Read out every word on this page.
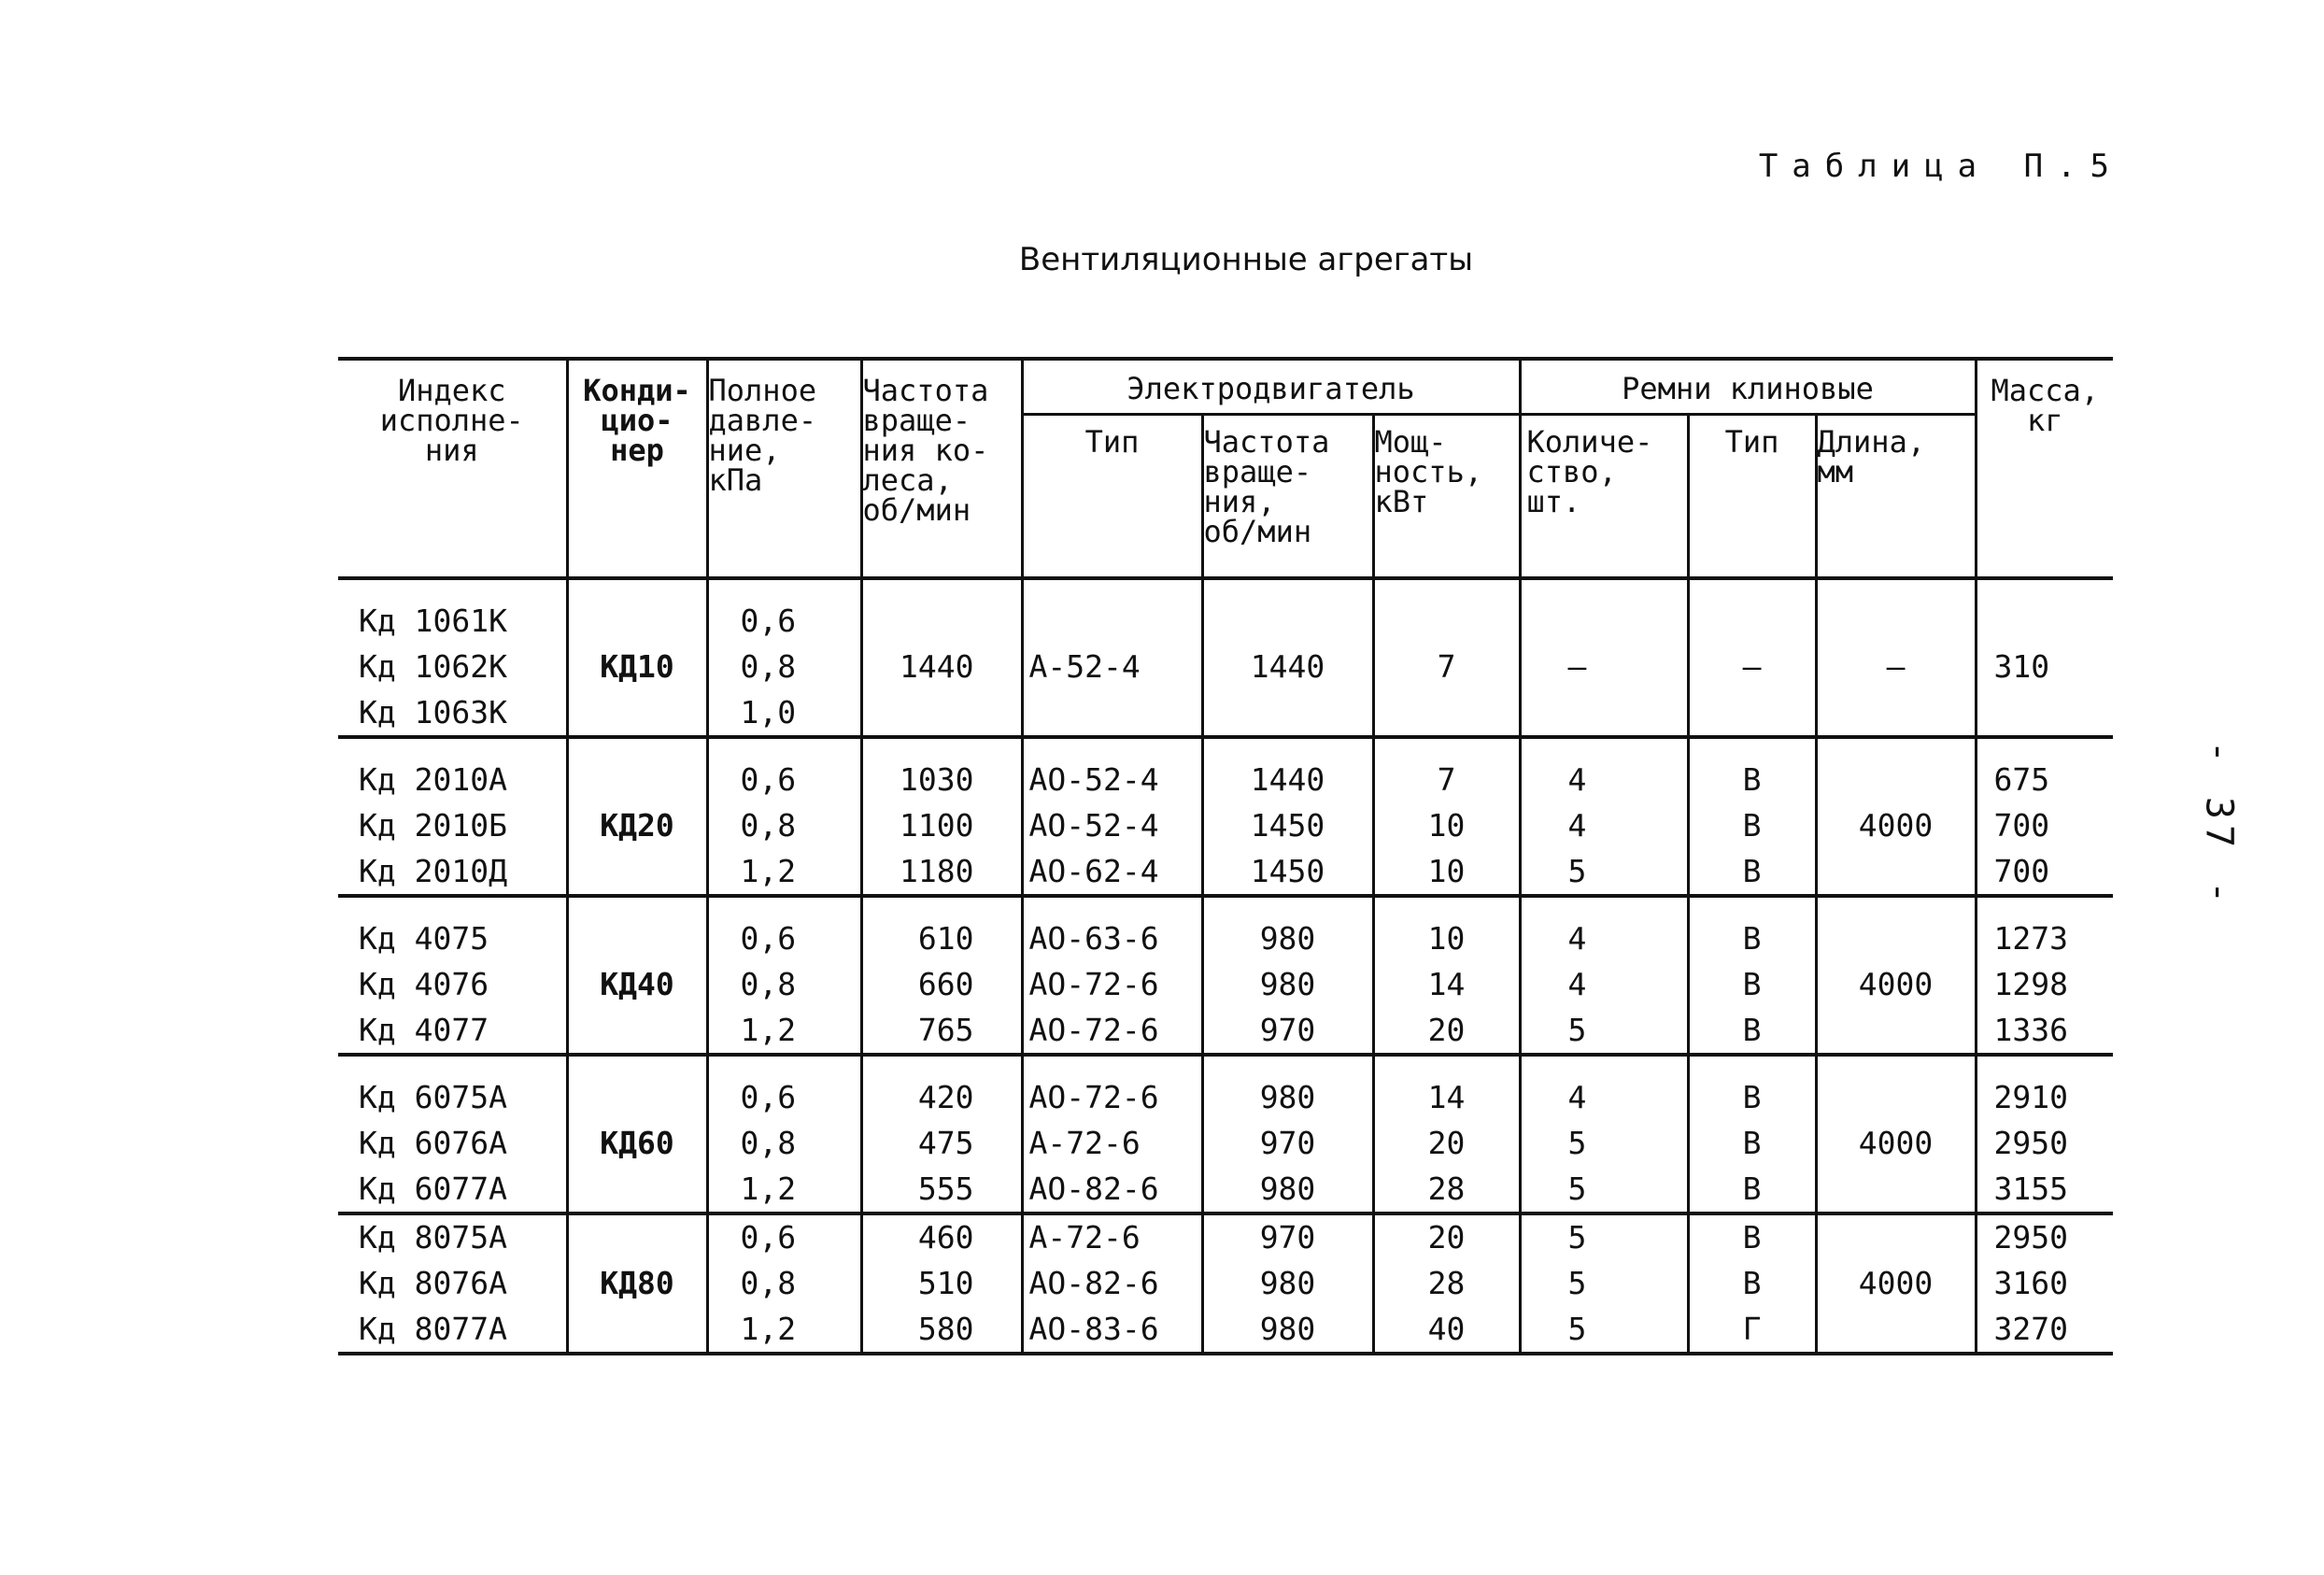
Таблица П.5
Вентиляционные агрегаты
- 37 -
Индекс
исполне-
ния	Конди-
цио-
нер	Полное
давле-
ние,
кПа	Частота
враще-
ния ко-
леса,
об/мин	Электродвигатель			Ремни клиновые			Масса,
кг
				Тип	Частота
враще-
ния,
об/мин	Мощ-
ность,
кВт	Количе-
ство,
шт.	Тип	Длина,
мм	
Кд 1061К	КД10	0,6	1440	А-52-4	1440	7	–	–	–	310
Кд 1062К		0,8								
Кд 1063К		1,0								
Кд 2010А	КД20	0,6	1030	АО-52-4	1440	7	4	В	4000	675
Кд 2010Б		0,8	1100	АО-52-4	1450	10	4	В		700
Кд 2010Д		1,2	1180	АО-62-4	1450	10	5	В		700
Кд 4075	КД40	0,6	610	АО-63-6	980	10	4	В	4000	1273
Кд 4076		0,8	660	АО-72-6	980	14	4	В		1298
Кд 4077		1,2	765	АО-72-6	970	20	5	В		1336
Кд 6075А	КД60	0,6	420	АО-72-6	980	14	4	В	4000	2910
Кд 6076А		0,8	475	А-72-6	970	20	5	В		2950
Кд 6077А		1,2	555	АО-82-6	980	28	5	В		3155
Кд 8075А	КД80	0,6	460	А-72-6	970	20	5	В	4000	2950
Кд 8076А		0,8	510	АО-82-6	980	28	5	В		3160
Кд 8077А		1,2	580	АО-83-6	980	40	5	Г		3270
